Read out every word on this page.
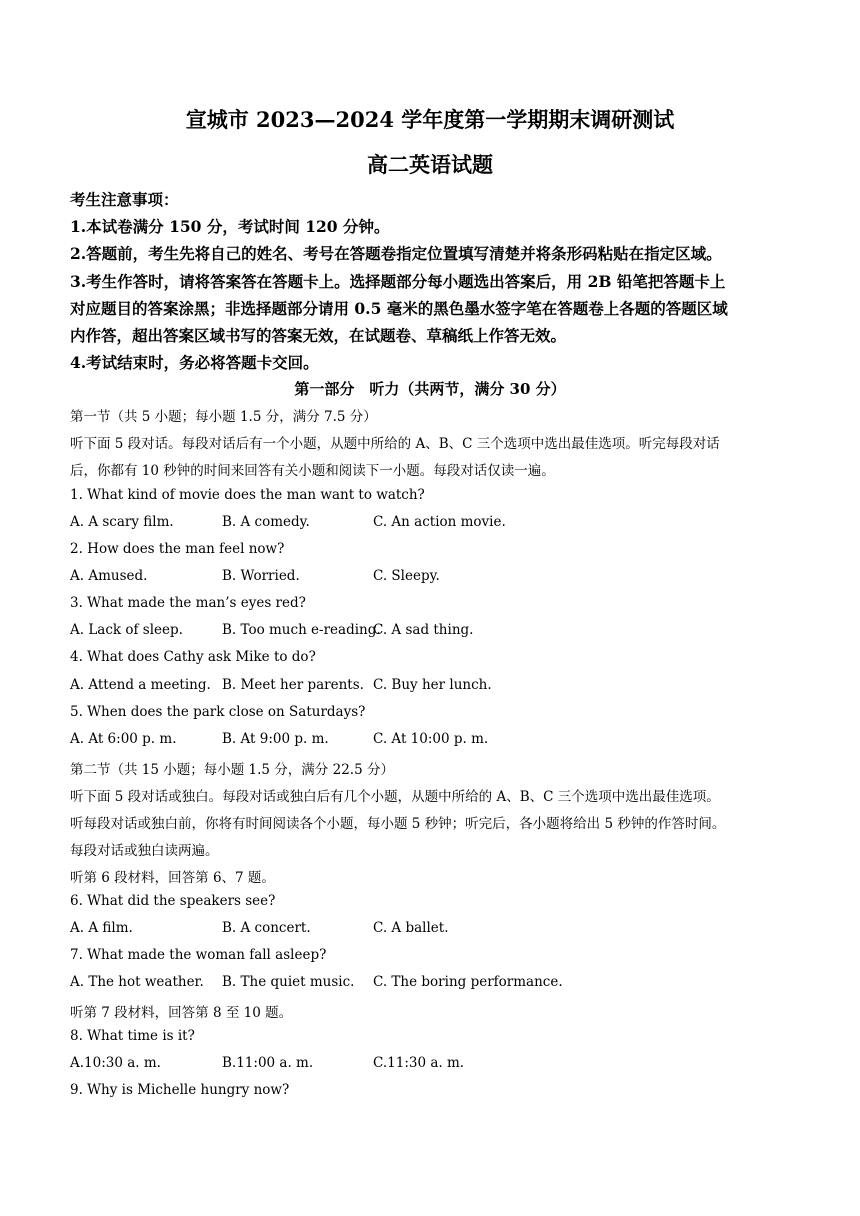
宣城市 2023—2024 学年度第一学期期末调研测试
高二英语试题
考生注意事项：
1.本试卷满分 150 分，考试时间 120 分钟。
2.答题前，考生先将自己的姓名、考号在答题卷指定位置填写清楚并将条形码粘贴在指定区域。
3.考生作答时，请将答案答在答题卡上。选择题部分每小题选出答案后，用 2B 铅笔把答题卡上
对应题目的答案涂黑；非选择题部分请用 0.5 毫米的黑色墨水签字笔在答题卷上各题的答题区域
内作答，超出答案区域书写的答案无效，在试题卷、草稿纸上作答无效。
4.考试结束时，务必将答题卡交回。
第一部分　听力（共两节，满分 30 分）
第一节（共 5 小题；每小题 1.5 分，满分 7.5 分）
听下面 5 段对话。每段对话后有一个小题，从题中所给的 A、B、C 三个选项中选出最佳选项。听完每段对话
后，你都有 10 秒钟的时间来回答有关小题和阅读下一小题。每段对话仅读一遍。
1. What kind of movie does the man want to watch?
A. A scary film.	B. A comedy.	C. An action movie.
2. How does the man feel now?
A. Amused.	B. Worried.	C. Sleepy.
3. What made the man’s eyes red?
A. Lack of sleep.	B. Too much e-reading.
C. A sad thing.
4. What does Cathy ask Mike to do?
A. Attend a meeting. B. Meet her parents. C. Buy her lunch.
5. When does the park close on Saturdays?
A. At 6:00 p. m.	B. At 9:00 p. m.	C. At 10:00 p. m.
第二节（共 15 小题；每小题 1.5 分，满分 22.5 分）
听下面 5 段对话或独白。每段对话或独白后有几个小题，从题中所给的 A、B、C 三个选项中选出最佳选项。
听每段对话或独白前，你将有时间阅读各个小题，每小题 5 秒钟；听完后，各小题将给出 5 秒钟的作答时间。
每段对话或独白读两遍。
听第 6 段材料，回答第 6、7 题。
6. What did the speakers see?
A. A film.	B. A concert.	C. A ballet.
7. What made the woman fall asleep?
A. The hot weather. B. The quiet music. C. The boring performance.
听第 7 段材料，回答第 8 至 10 题。
8. What time is it?
A.10:30 a. m.	B.11:00 a. m.	C.11:30 a. m.
9. Why is Michelle hungry now?
